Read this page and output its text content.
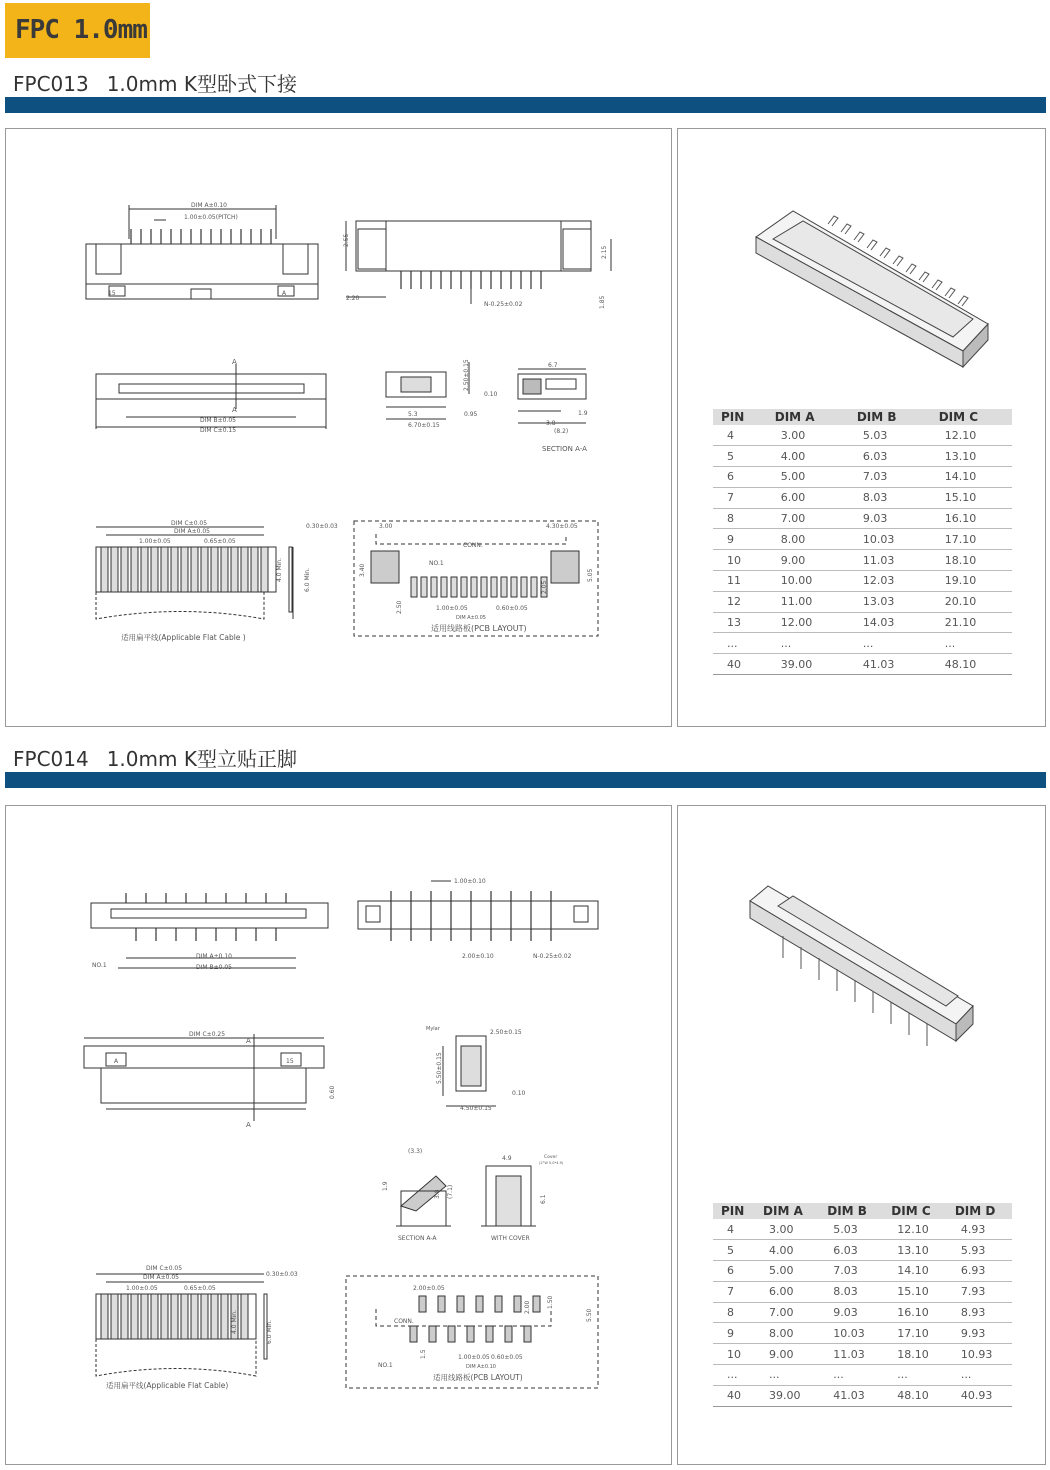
FPC 1.0mm
FPC013 1.0mm K型卧式下接
DIM A±0.10
1.00±0.05(PITCH)
N-0.25±0.02
2.55
2.15
2.20	1.85
15	A
A
A
DIM B±0.05
DIM C±0.15
2.50±0.15
0.10
5.3	0.95
6.70±0.15
6.7
3.8
(8.2)
1.9
SECTION A-A
DIM C±0.05
DIM A±0.05
1.00±0.05	0.65±0.05
0.30±0.03
4.0 Min.	6.0 Min.
适用扁平线(Applicable Flat Cable )
3.00	4.30±0.05
CONN.
NO.1
3.40	5.05
2.50
2.05
1.00±0.05	0.60±0.05
DIM A±0.05
适用线路板(PCB LAYOUT)
PIN	DIM A	DIM B	DIM C
4	3.00	5.03	12.10
5	4.00	6.03	13.10
6	5.00	7.03	14.10
7	6.00	8.03	15.10
8	7.00	9.03	16.10
9	8.00	10.03	17.10
10	9.00	11.03	18.10
11	10.00	12.03	19.10
12	11.00	13.03	20.10
13	12.00	14.03	21.10
...	...	...	...
40	39.00	41.03	48.10
FPC014 1.0mm K型立贴正脚
1.00±0.10
NO.1
DIM A±0.10
DIM B±0.05
2.00±0.10	N-0.25±0.02
DIM C±0.25
A
A
A	15
0.60
Mylar	2.50±0.15
5.50±0.15
0.10
4.50±0.15
(3.3)
1.9
3.8 (7.1)
SECTION A-A
4.9	Cover
(2°W 5.0*4.9)
6.1
WITH COVER
DIM C±0.05
DIM A±0.05
1.00±0.05	0.65±0.05
0.30±0.03
4.0 Min.	6.0 Min.
适用扁平线(Applicable Flat Cable)
2.00±0.05
CONN.
NO.1
2.00	1.50
5.50
1.5	1.00±0.05 0.60±0.05
DIM A±0.10
适用线路板(PCB LAYOUT)
PIN	DIM A	DIM B	DIM C	DIM D
4	3.00	5.03	12.10	4.93
5	4.00	6.03	13.10	5.93
6	5.00	7.03	14.10	6.93
7	6.00	8.03	15.10	7.93
8	7.00	9.03	16.10	8.93
9	8.00	10.03	17.10	9.93
10	9.00	11.03	18.10	10.93
...	...	...	...	...
40	39.00	41.03	48.10	40.93
